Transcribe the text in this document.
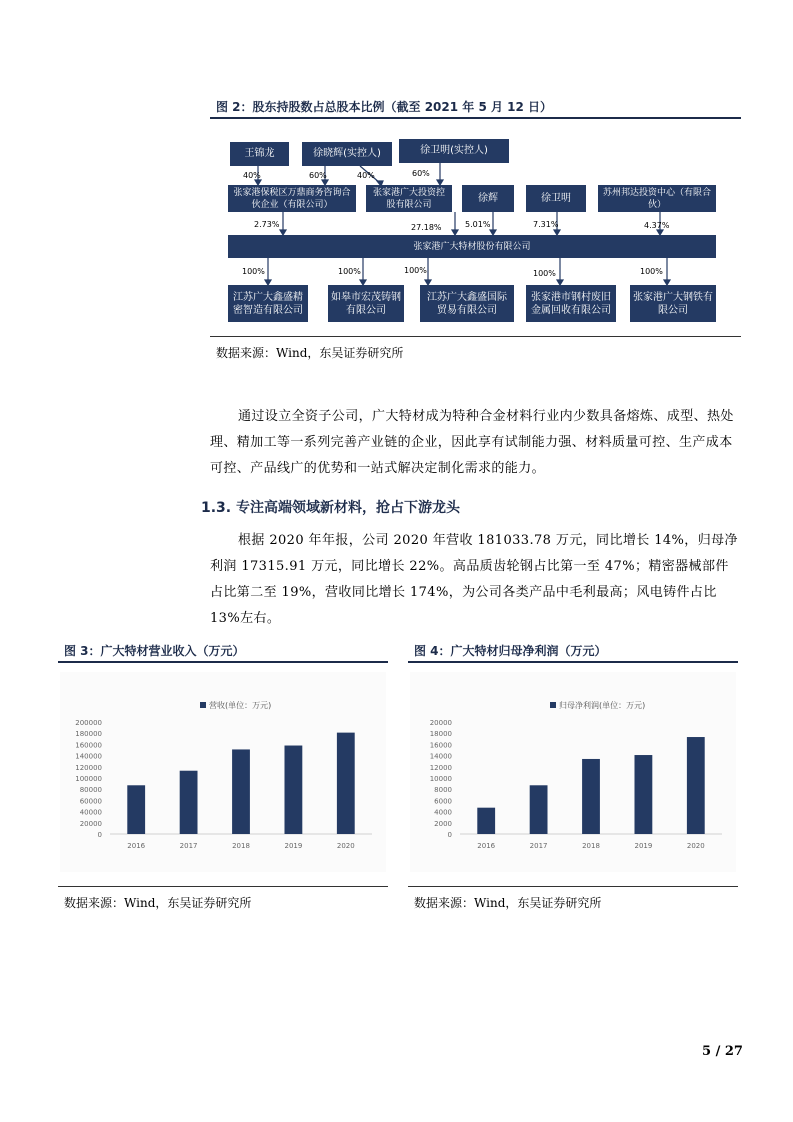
图 2：股东持股数占总股本比例（截至 2021 年 5 月 12 日）
王锦龙	徐晓辉(实控人)	徐卫明(实控人)
张家港保税区万鼎商务咨询合伙企业（有限公司）
张家港广大投资控股有限公司
徐辉	徐卫明	苏州邦达投资中心（有限合伙）
张家港广大特材股份有限公司
江苏广大鑫盛精密智造有限公司
如皋市宏茂铸钢有限公司
江苏广大鑫盛国际贸易有限公司
张家港市钢村废旧金属回收有限公司
张家港广大钢铁有限公司
40%	60%	40%	60%
2.73%	27.18%	5.01%	7.31%	4.37%
100%	100%	100%	100%	100%
数据来源：Wind，东吴证券研究所
通过设立全资子公司，广大特材成为特种合金材料行业内少数具备熔炼、成型、热处理、精加工等一系列完善产业链的企业，因此享有试制能力强、材料质量可控、生产成本可控、产品线广的优势和一站式解决定制化需求的能力。
1.3. 专注高端领域新材料，抢占下游龙头
根据 2020 年年报，公司 2020 年营收 181033.78 万元，同比增长 14%，归母净利润 17315.91 万元，同比增长 22%。高品质齿轮钢占比第一至 47%；精密器械部件占比第二至 19%，营收同比增长 174%，为公司各类产品中毛利最高；风电铸件占比 13%左右。
图 3：广大特材营业收入（万元）
营收(单位：万元)
0
20000
40000
60000
80000
100000
120000
140000
160000
180000
200000
2016	2017	2018	2019	2020
数据来源：Wind，东吴证券研究所
图 4：广大特材归母净利润（万元）
归母净利润(单位：万元)
0
2000
4000
6000
8000
10000
12000
14000
16000
18000
20000
2016	2017	2018	2019	2020
数据来源：Wind，东吴证券研究所
5 / 27
